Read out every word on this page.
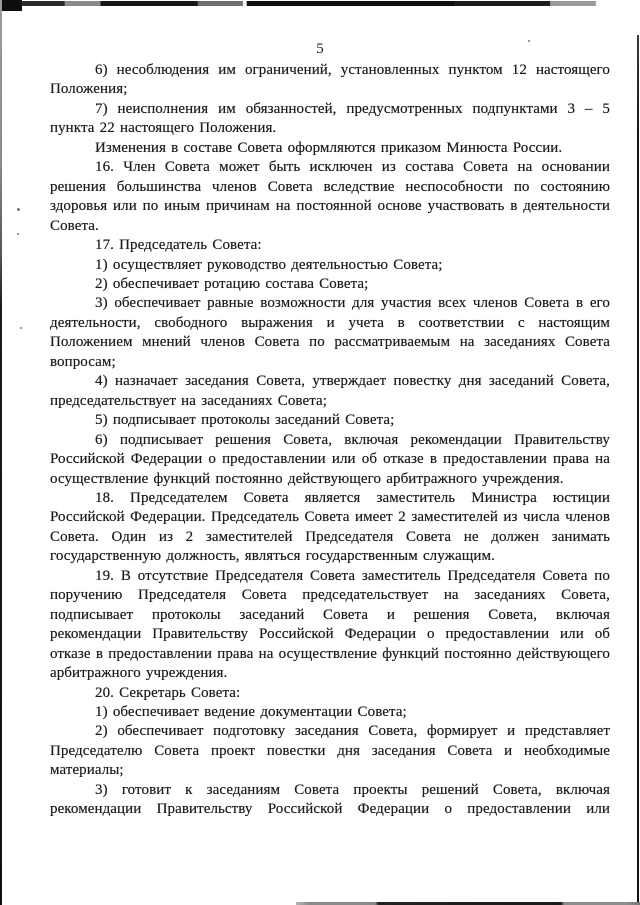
5

6) несоблюдения им ограничений, установленных пунктом 12 настоящего Положения;

7) неисполнения им обязанностей, предусмотренных подпунктами 3 – 5 пункта 22 настоящего Положения.

Изменения в составе Совета оформляются приказом Минюста России.

16. Член Совета может быть исключен из состава Совета на основании решения большинства членов Совета вследствие неспособности по состоянию здоровья или по иным причинам на постоянной основе участвовать в деятельности Совета.

17. Председатель Совета:

1) осуществляет руководство деятельностью Совета;

2) обеспечивает ротацию состава Совета;

3) обеспечивает равные возможности для участия всех членов Совета в его деятельности, свободного выражения и учета в соответствии с настоящим Положением мнений членов Совета по рассматриваемым на заседаниях Совета вопросам;

4) назначает заседания Совета, утверждает повестку дня заседаний Совета, председательствует на заседаниях Совета;

5) подписывает протоколы заседаний Совета;

6) подписывает решения Совета, включая рекомендации Правительству Российской Федерации о предоставлении или об отказе в предоставлении права на осуществление функций постоянно действующего арбитражного учреждения.

18. Председателем Совета является заместитель Министра юстиции Российской Федерации. Председатель Совета имеет 2 заместителей из числа членов Совета. Один из 2 заместителей Председателя Совета не должен занимать государственную должность, являться государственным служащим.

19. В отсутствие Председателя Совета заместитель Председателя Совета по поручению Председателя Совета председательствует на заседаниях Совета, подписывает протоколы заседаний Совета и решения Совета, включая рекомендации Правительству Российской Федерации о предоставлении или об отказе в предоставлении права на осуществление функций постоянно действующего арбитражного учреждения.

20. Секретарь Совета:

1) обеспечивает ведение документации Совета;

2) обеспечивает подготовку заседания Совета, формирует и представляет Председателю Совета проект повестки дня заседания Совета и необходимые материалы;

3) готовит к заседаниям Совета проекты решений Совета, включая рекомендации Правительству Российской Федерации о предоставлении или
